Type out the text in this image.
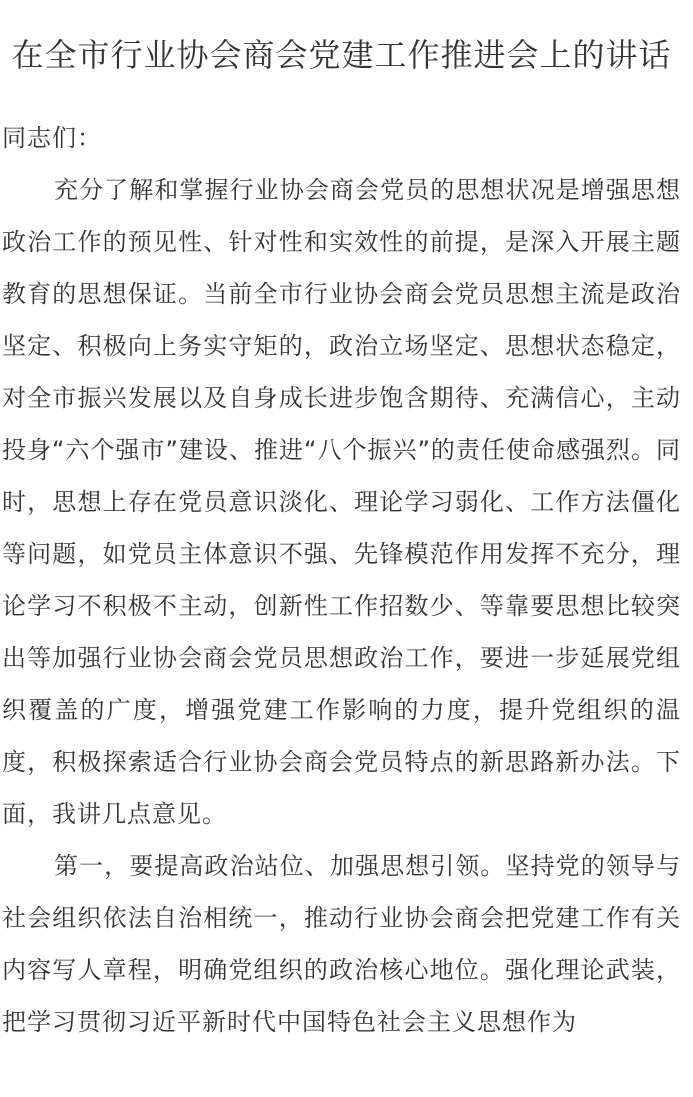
在全市行业协会商会党建工作推进会上的讲话

同志们：

充分了解和掌握行业协会商会党员的思想状况是增强思想政治工作的预见性、针对性和实效性的前提，是深入开展主题教育的思想保证。当前全市行业协会商会党员思想主流是政治坚定、积极向上务实守矩的，政治立场坚定、思想状态稳定，对全市振兴发展以及自身成长进步饱含期待、充满信心，主动投身“六个强市”建设、推进“八个振兴”的责任使命感强烈。同时，思想上存在党员意识淡化、理论学习弱化、工作方法僵化等问题，如党员主体意识不强、先锋模范作用发挥不充分，理论学习不积极不主动，创新性工作招数少、等靠要思想比较突出等加强行业协会商会党员思想政治工作，要进一步延展党组织覆盖的广度，增强党建工作影响的力度，提升党组织的温度，积极探索适合行业协会商会党员特点的新思路新办法。下面，我讲几点意见。

第一，要提高政治站位、加强思想引领。坚持党的领导与社会组织依法自治相统一，推动行业协会商会把党建工作有关内容写人章程，明确党组织的政治核心地位。强化理论武装，把学习贯彻习近平新时代中国特色社会主义思想作为
